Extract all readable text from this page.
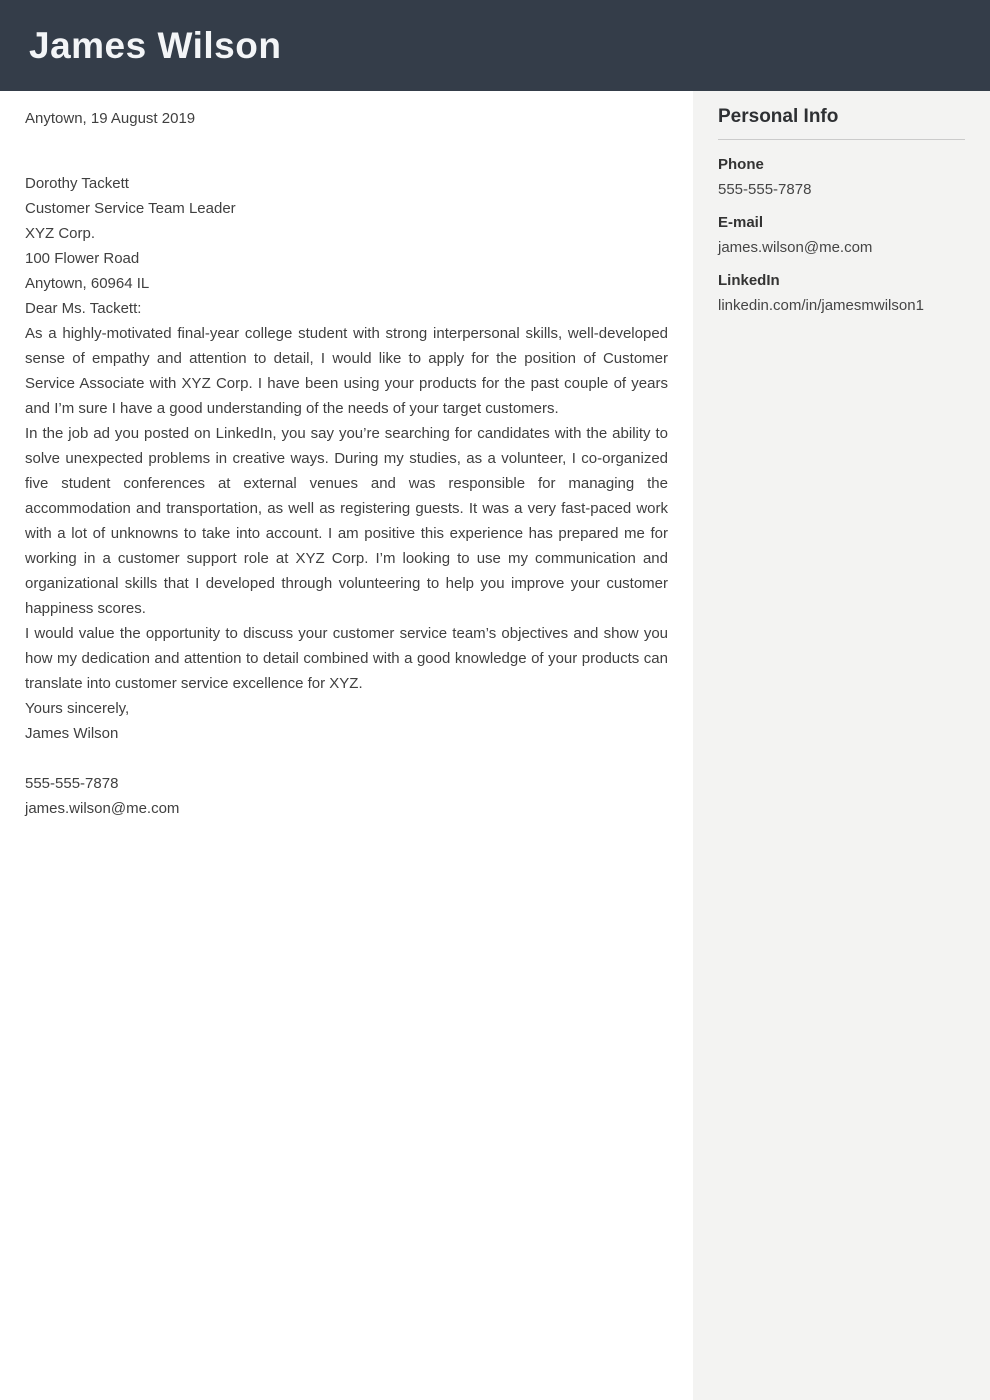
James Wilson

Anytown, 19 August 2019

Dorothy Tackett

Customer Service Team Leader

XYZ Corp.

100 Flower Road

Anytown, 60964 IL

Dear Ms. Tackett:

As a highly-motivated final-year college student with strong interpersonal skills, well-developed sense of empathy and attention to detail, I would like to apply for the position of Customer Service Associate with XYZ Corp. I have been using your products for the past couple of years and I’m sure I have a good understanding of the needs of your target customers.

In the job ad you posted on LinkedIn, you say you’re searching for candidates with the ability to solve unexpected problems in creative ways. During my studies, as a volunteer, I co-organized five student conferences at external venues and was responsible for managing the accommodation and transportation, as well as registering guests. It was a very fast-paced work with a lot of unknowns to take into account. I am positive this experience has prepared me for working in a customer support role at XYZ Corp. I’m looking to use my communication and organizational skills that I developed through volunteering to help you improve your customer happiness scores.

I would value the opportunity to discuss your customer service team’s objectives and show you how my dedication and attention to detail combined with a good knowledge of your products can translate into customer service excellence for XYZ.

Yours sincerely,

James Wilson

555-555-7878

james.wilson@me.com

Personal Info
Phone
555-555-7878
E-mail
james.wilson@me.com
LinkedIn
linkedin.com/in/jamesmwilson1
